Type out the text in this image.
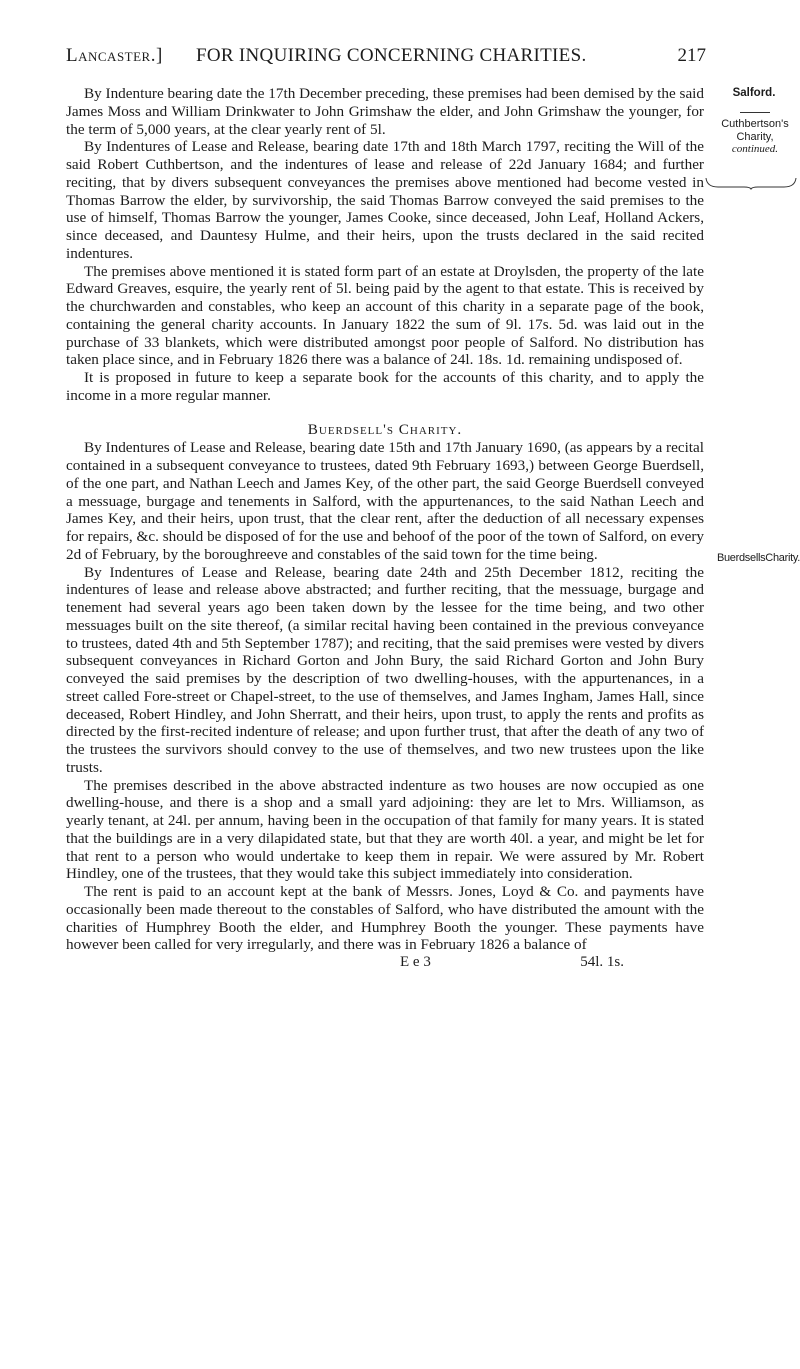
Lancaster.] FOR INQUIRING CONCERNING CHARITIES.	217
Salford.
Cuthbertson's
Charity,
continued.
BuerdsellsCharity.

By Indenture bearing date the 17th December preceding, these premises had been demised by the said James Moss and William Drinkwater to John Grimshaw the elder, and John Grimshaw the younger, for the term of 5,000 years, at the clear yearly rent of 5l.

By Indentures of Lease and Release, bearing date 17th and 18th March 1797, reciting the Will of the said Robert Cuthbertson, and the indentures of lease and release of 22d January 1684; and further reciting, that by divers subsequent conveyances the premises above mentioned had become vested in Thomas Barrow the elder, by survivorship, the said Thomas Barrow conveyed the said premises to the use of himself, Thomas Barrow the younger, James Cooke, since deceased, John Leaf, Holland Ackers, since deceased, and Dauntesy Hulme, and their heirs, upon the trusts declared in the said recited indentures.

The premises above mentioned it is stated form part of an estate at Droylsden, the property of the late Edward Greaves, esquire, the yearly rent of 5l. being paid by the agent to that estate. This is received by the churchwarden and constables, who keep an account of this charity in a separate page of the book, containing the general charity accounts. In January 1822 the sum of 9l. 17s. 5d. was laid out in the purchase of 33 blankets, which were distributed amongst poor people of Salford. No distribution has taken place since, and in February 1826 there was a balance of 24l. 18s. 1d. remaining undisposed of.

It is proposed in future to keep a separate book for the accounts of this charity, and to apply the income in a more regular manner.

Buerdsell's Charity.

By Indentures of Lease and Release, bearing date 15th and 17th January 1690, (as appears by a recital contained in a subsequent conveyance to trustees, dated 9th February 1693,) between George Buerdsell, of the one part, and Nathan Leech and James Key, of the other part, the said George Buerdsell conveyed a messuage, burgage and tenements in Salford, with the appurtenances, to the said Nathan Leech and James Key, and their heirs, upon trust, that the clear rent, after the deduction of all necessary expenses for repairs, &c. should be disposed of for the use and behoof of the poor of the town of Salford, on every 2d of February, by the boroughreeve and constables of the said town for the time being.

By Indentures of Lease and Release, bearing date 24th and 25th December 1812, reciting the indentures of lease and release above abstracted; and further reciting, that the messuage, burgage and tenement had several years ago been taken down by the lessee for the time being, and two other messuages built on the site thereof, (a similar recital having been contained in the previous conveyance to trustees, dated 4th and 5th September 1787); and reciting, that the said premises were vested by divers subsequent conveyances in Richard Gorton and John Bury, the said Richard Gorton and John Bury conveyed the said premises by the description of two dwelling-houses, with the appurtenances, in a street called Fore-street or Chapel-street, to the use of themselves, and James Ingham, James Hall, since deceased, Robert Hindley, and John Sherratt, and their heirs, upon trust, to apply the rents and profits as directed by the first-recited indenture of release; and upon further trust, that after the death of any two of the trustees the survivors should convey to the use of themselves, and two new trustees upon the like trusts.

The premises described in the above abstracted indenture as two houses are now occupied as one dwelling-house, and there is a shop and a small yard adjoining: they are let to Mrs. Williamson, as yearly tenant, at 24l. per annum, having been in the occupation of that family for many years. It is stated that the buildings are in a very dilapidated state, but that they are worth 40l. a year, and might be let for that rent to a person who would undertake to keep them in repair. We were assured by Mr. Robert Hindley, one of the trustees, that they would take this subject immediately into consideration.

The rent is paid to an account kept at the bank of Messrs. Jones, Loyd & Co. and payments have occasionally been made thereout to the constables of Salford, who have distributed the amount with the charities of Humphrey Booth the elder, and Humphrey Booth the younger. These payments have however been called for very irregularly, and there was in February 1826 a balance of

E e 3	54l. 1s.
